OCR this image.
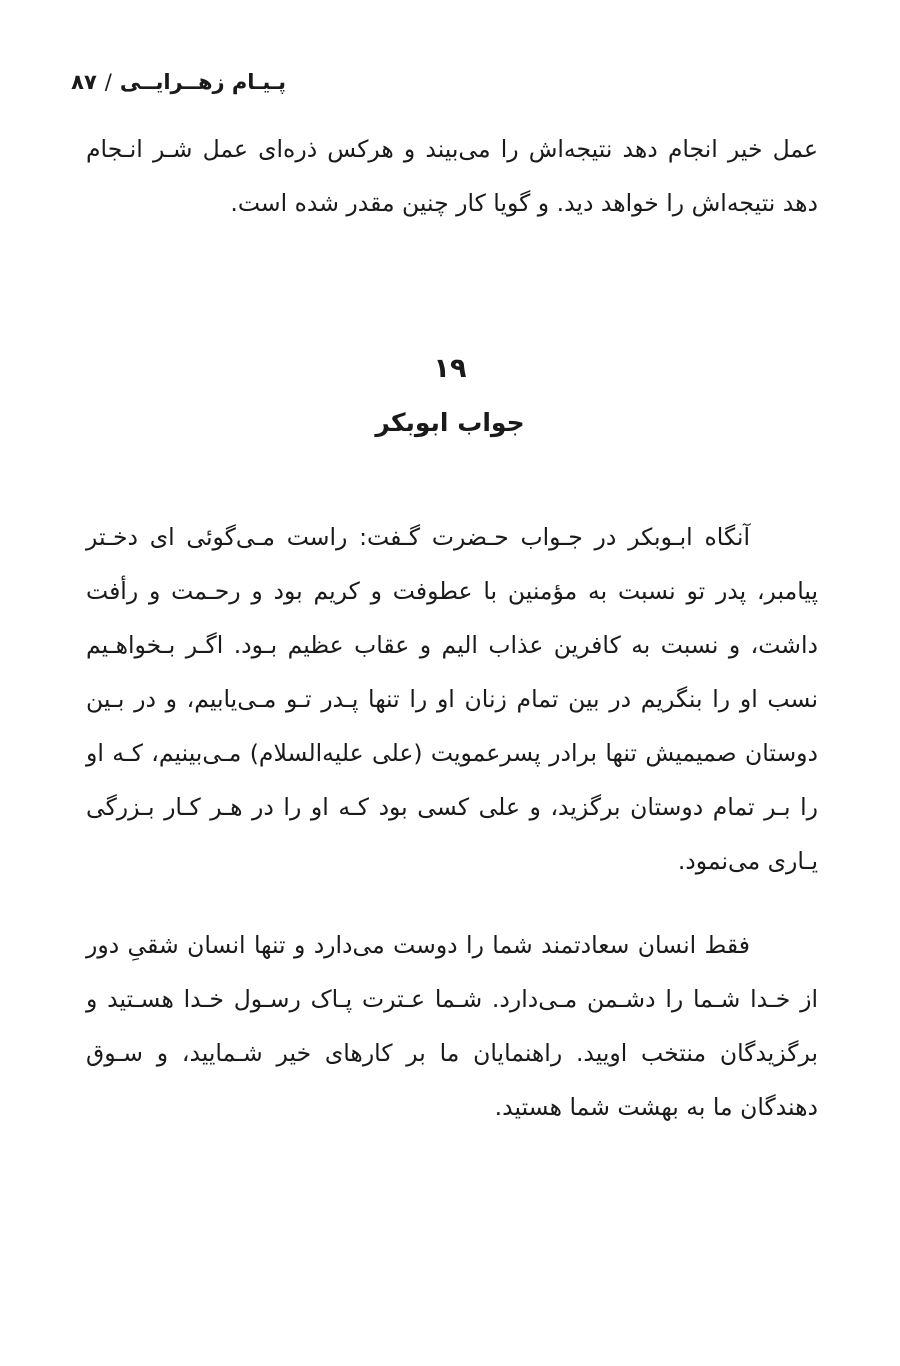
پـیـام زهــرایــی/۸۷

عمل خیر انجام دهد نتیجه‌اش را می‌بیند و هرکس ذره‌ای عمل شـر انـجام دهد نتیجه‌اش را خواهد دید. و گویا کار چنین مقدر شده است.

۱۹
جواب ابوبکر

آنگاه ابـوبکر در جـواب حـضرت گـفت: راست مـی‌گوئی ای دخـتر پیامبر، پدر تو نسبت به مؤمنین با عطوفت و کریم بود و رحـمت و رأفت داشت، و نسبت به کافرین عذاب الیم و عقاب عظیم بـود. اگـر بـخواهـیم نسب او را بنگریم در بین تمام زنان او را تنها پـدر تـو مـی‌یابیم، و در بـین دوستان صمیمیش تنها برادر پسرعمویت (علی علیه‌السلام) مـی‌بینیم، کـه او را بـر تمام دوستان برگزید، و علی کسی بود کـه او را در هـر کـار بـزرگی یـاری می‌نمود.

فقط انسان سعادتمند شما را دوست می‌دارد و تنها انسان شقیِ دور از خـدا شـما را دشـمن مـی‌دارد. شـما عـترت پـاک رسـول خـدا هسـتید و برگزیدگان منتخب اویید. راهنمایان ما بر کارهای خیر شـمایید، و سـوق دهندگان ما به بهشت شما هستید.
